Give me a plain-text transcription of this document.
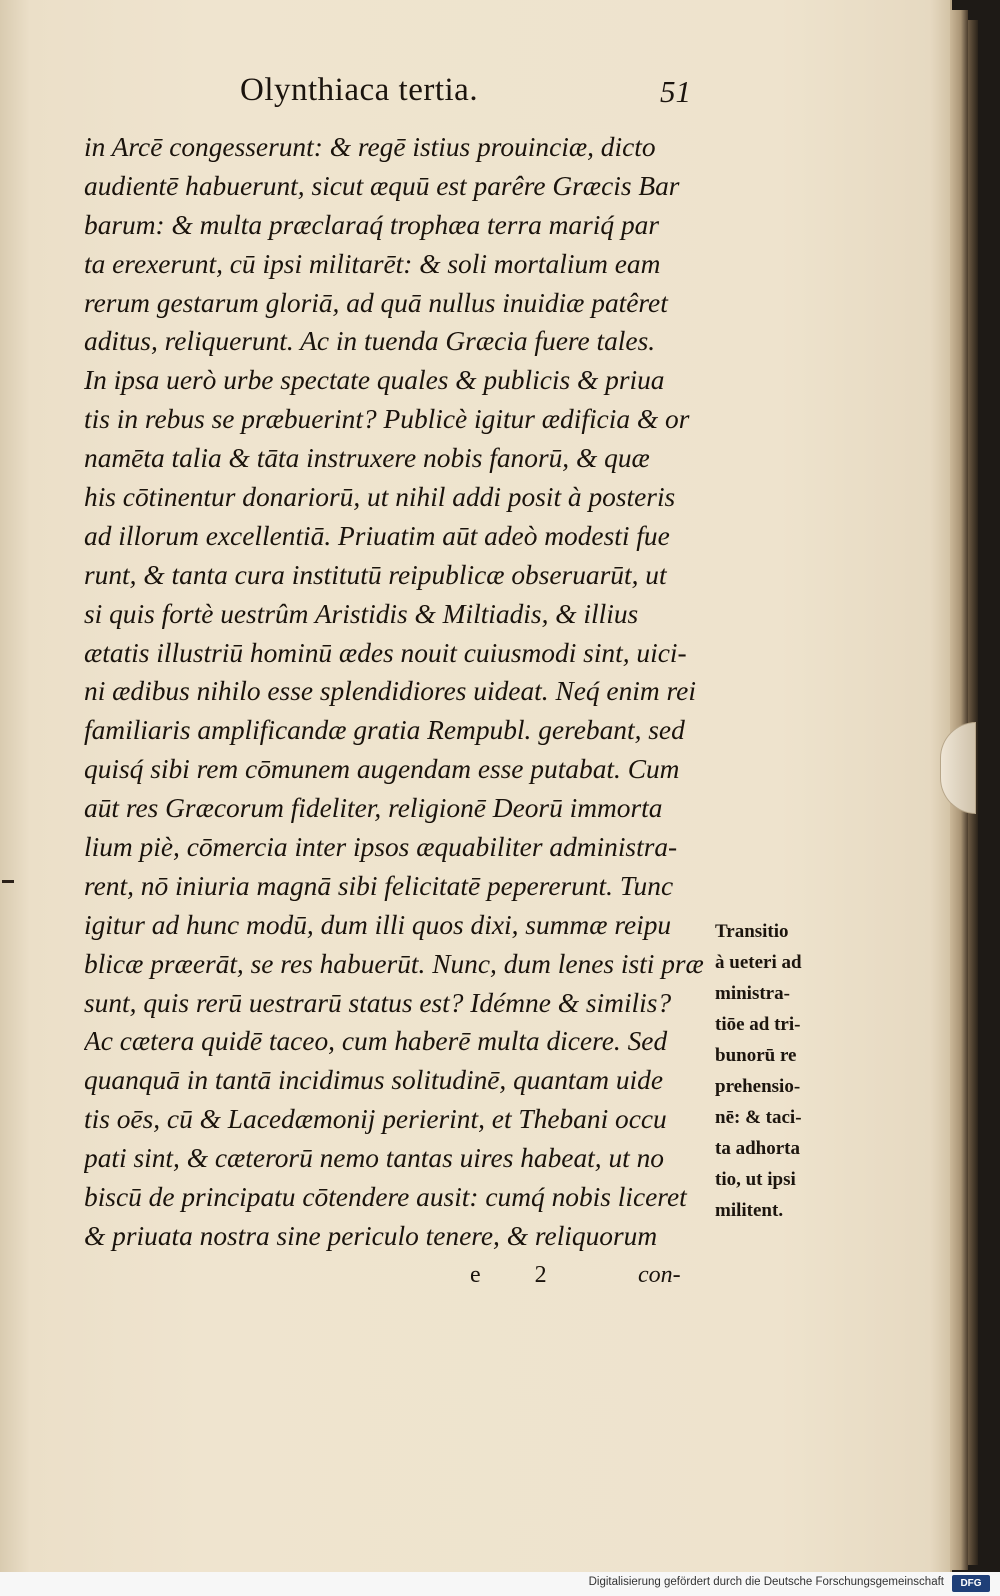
Olynthiaca tertia.	51
in Arcē congesserunt: & regē istius prouinciæ, dicto
audientē habuerunt, sicut æquū est parêre Græcis Bar
barum: & multa præclaraq́ trophæa terra mariq́ par
ta erexerunt, cū ipsi militarēt: & soli mortalium eam
rerum gestarum gloriā, ad quā nullus inuidiæ patêret
aditus, reliquerunt. Ac in tuenda Græcia fuere tales.
In ipsa uerò urbe spectate quales & publicis & priua
tis in rebus se præbuerint? Publicè igitur ædificia & or
namēta talia & tāta instruxere nobis fanorū, & quæ
his cōtinentur donariorū, ut nihil addi posit à posteris
ad illorum excellentiā. Priuatim aūt adeò modesti fue
runt, & tanta cura institutū reipublicæ obseruarūt, ut
si quis fortè uestrûm Aristidis & Miltiadis, & illius
ætatis illustriū hominū ædes nouit cuiusmodi sint, uici-
ni ædibus nihilo esse splendidiores uideat. Neq́ enim rei
familiaris amplificandæ gratia Rempubl. gerebant, sed
quisq́ sibi rem cōmunem augendam esse putabat. Cum
aūt res Græcorum fideliter, religionē Deorū immorta
lium piè, cōmercia inter ipsos æquabiliter administra-
rent, nō iniuria magnā sibi felicitatē pepererunt. Tunc
igitur ad hunc modū, dum illi quos dixi, summæ reipu
blicæ præerāt, se res habuerūt. Nunc, dum lenes isti præ
sunt, quis rerū uestrarū status est? Idémne & similis?
Ac cætera quidē taceo, cum haberē multa dicere. Sed
quanquā in tantā incidimus solitudinē, quantam uide
tis oēs, cū & Lacedæmonij perierint, et Thebani occu
pati sint, & cæterorū nemo tantas uires habeat, ut no
biscū de principatu cōtendere ausit: cumq́ nobis liceret
& priuata nostra sine periculo tenere, & reliquorum
Transitio
à ueteri ad
ministra-
tiōe ad tri-
bunorū re
prehensio-
nē: & taci-
ta adhorta
tio, ut ipsi
militent.
e 2	con-
Digitalisierung gefördert durch die Deutsche Forschungsgemeinschaft	DFG
